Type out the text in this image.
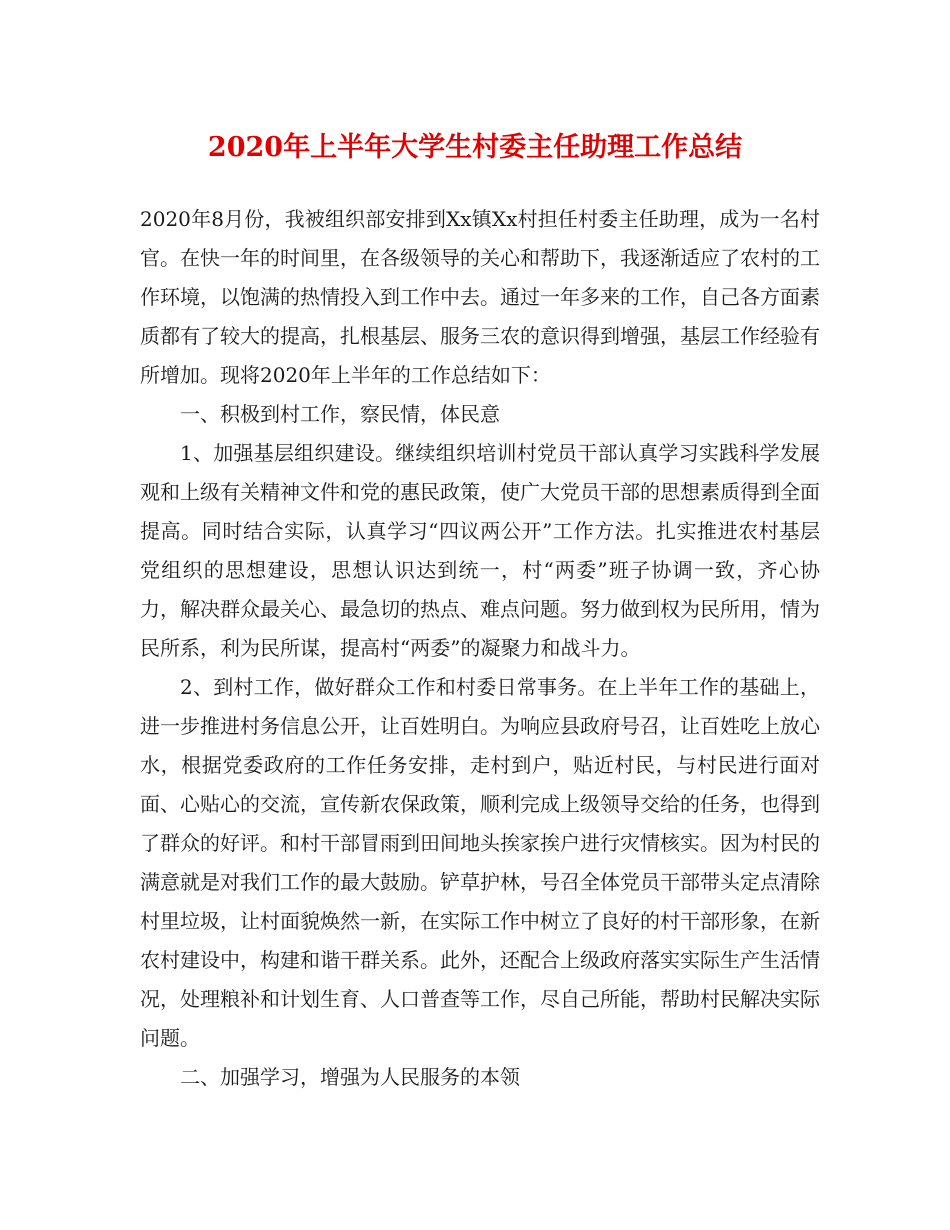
2020年上半年大学生村委主任助理工作总结

2020年8月份，我被组织部安排到Xx镇Xx村担任村委主任助理，成为一名村官。在快一年的时间里，在各级领导的关心和帮助下，我逐渐适应了农村的工作环境，以饱满的热情投入到工作中去。通过一年多来的工作，自己各方面素质都有了较大的提高，扎根基层、服务三农的意识得到增强，基层工作经验有所增加。现将2020年上半年的工作总结如下：

一、积极到村工作，察民情，体民意

1、加强基层组织建设。继续组织培训村党员干部认真学习实践科学发展观和上级有关精神文件和党的惠民政策，使广大党员干部的思想素质得到全面提高。同时结合实际，认真学习“四议两公开”工作方法。扎实推进农村基层党组织的思想建设，思想认识达到统一，村“两委”班子协调一致，齐心协力，解决群众最关心、最急切的热点、难点问题。努力做到权为民所用，情为民所系，利为民所谋，提高村“两委”的凝聚力和战斗力。

2、到村工作，做好群众工作和村委日常事务。在上半年工作的基础上，进一步推进村务信息公开，让百姓明白。为响应县政府号召，让百姓吃上放心水，根据党委政府的工作任务安排，走村到户，贴近村民，与村民进行面对面、心贴心的交流，宣传新农保政策，顺利完成上级领导交给的任务，也得到了群众的好评。和村干部冒雨到田间地头挨家挨户进行灾情核实。因为村民的满意就是对我们工作的最大鼓励。铲草护林，号召全体党员干部带头定点清除村里垃圾，让村面貌焕然一新，在实际工作中树立了良好的村干部形象，在新农村建设中，构建和谐干群关系。此外，还配合上级政府落实实际生产生活情况，处理粮补和计划生育、人口普查等工作，尽自己所能，帮助村民解决实际问题。

二、加强学习，增强为人民服务的本领
